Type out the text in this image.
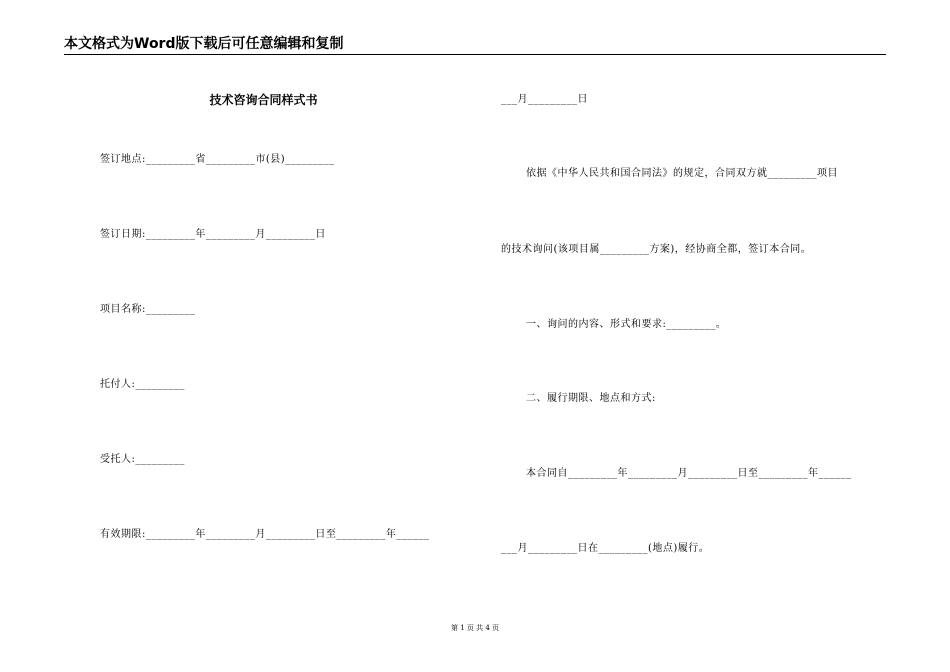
本文格式为Word版下载后可任意编辑和复制
技术咨询合同样式书
签订地点:_________省_________市(县)_________
签订日期:_________年_________月_________日
项目名称:_________
托付人:_________
受托人:_________
有效期限:_________年_________月_________日至_________年______
___月_________日
依据《中华人民共和国合同法》的规定，合同双方就_________项目
的技术询问(该项目属_________方案)，经协商全都，签订本合同。
一、询问的内容、形式和要求:_________。
二、履行期限、地点和方式:
本合同自_________年_________月_________日至_________年______
___月_________日在_________(地点)履行。
第 1 页 共 4 页
